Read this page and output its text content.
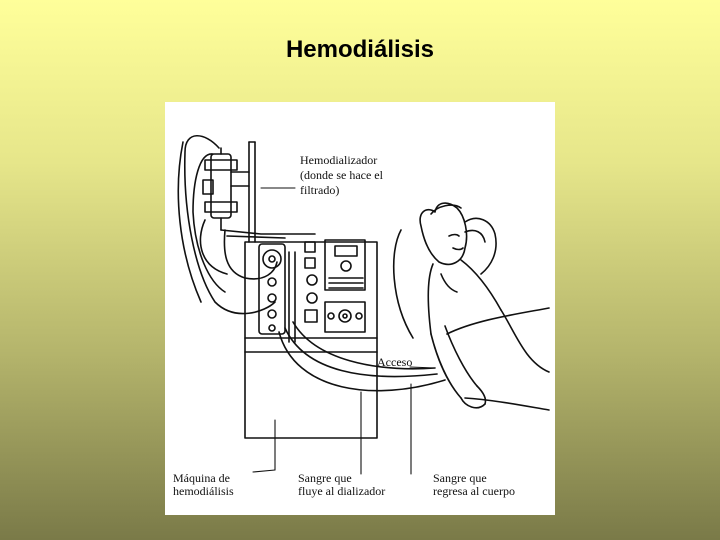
Hemodiálisis
Hemodializador
(donde se hace el
filtrado)
Acceso
Máquina de
hemodiálisis
Sangre que
fluye al dializador
Sangre que
regresa al cuerpo
